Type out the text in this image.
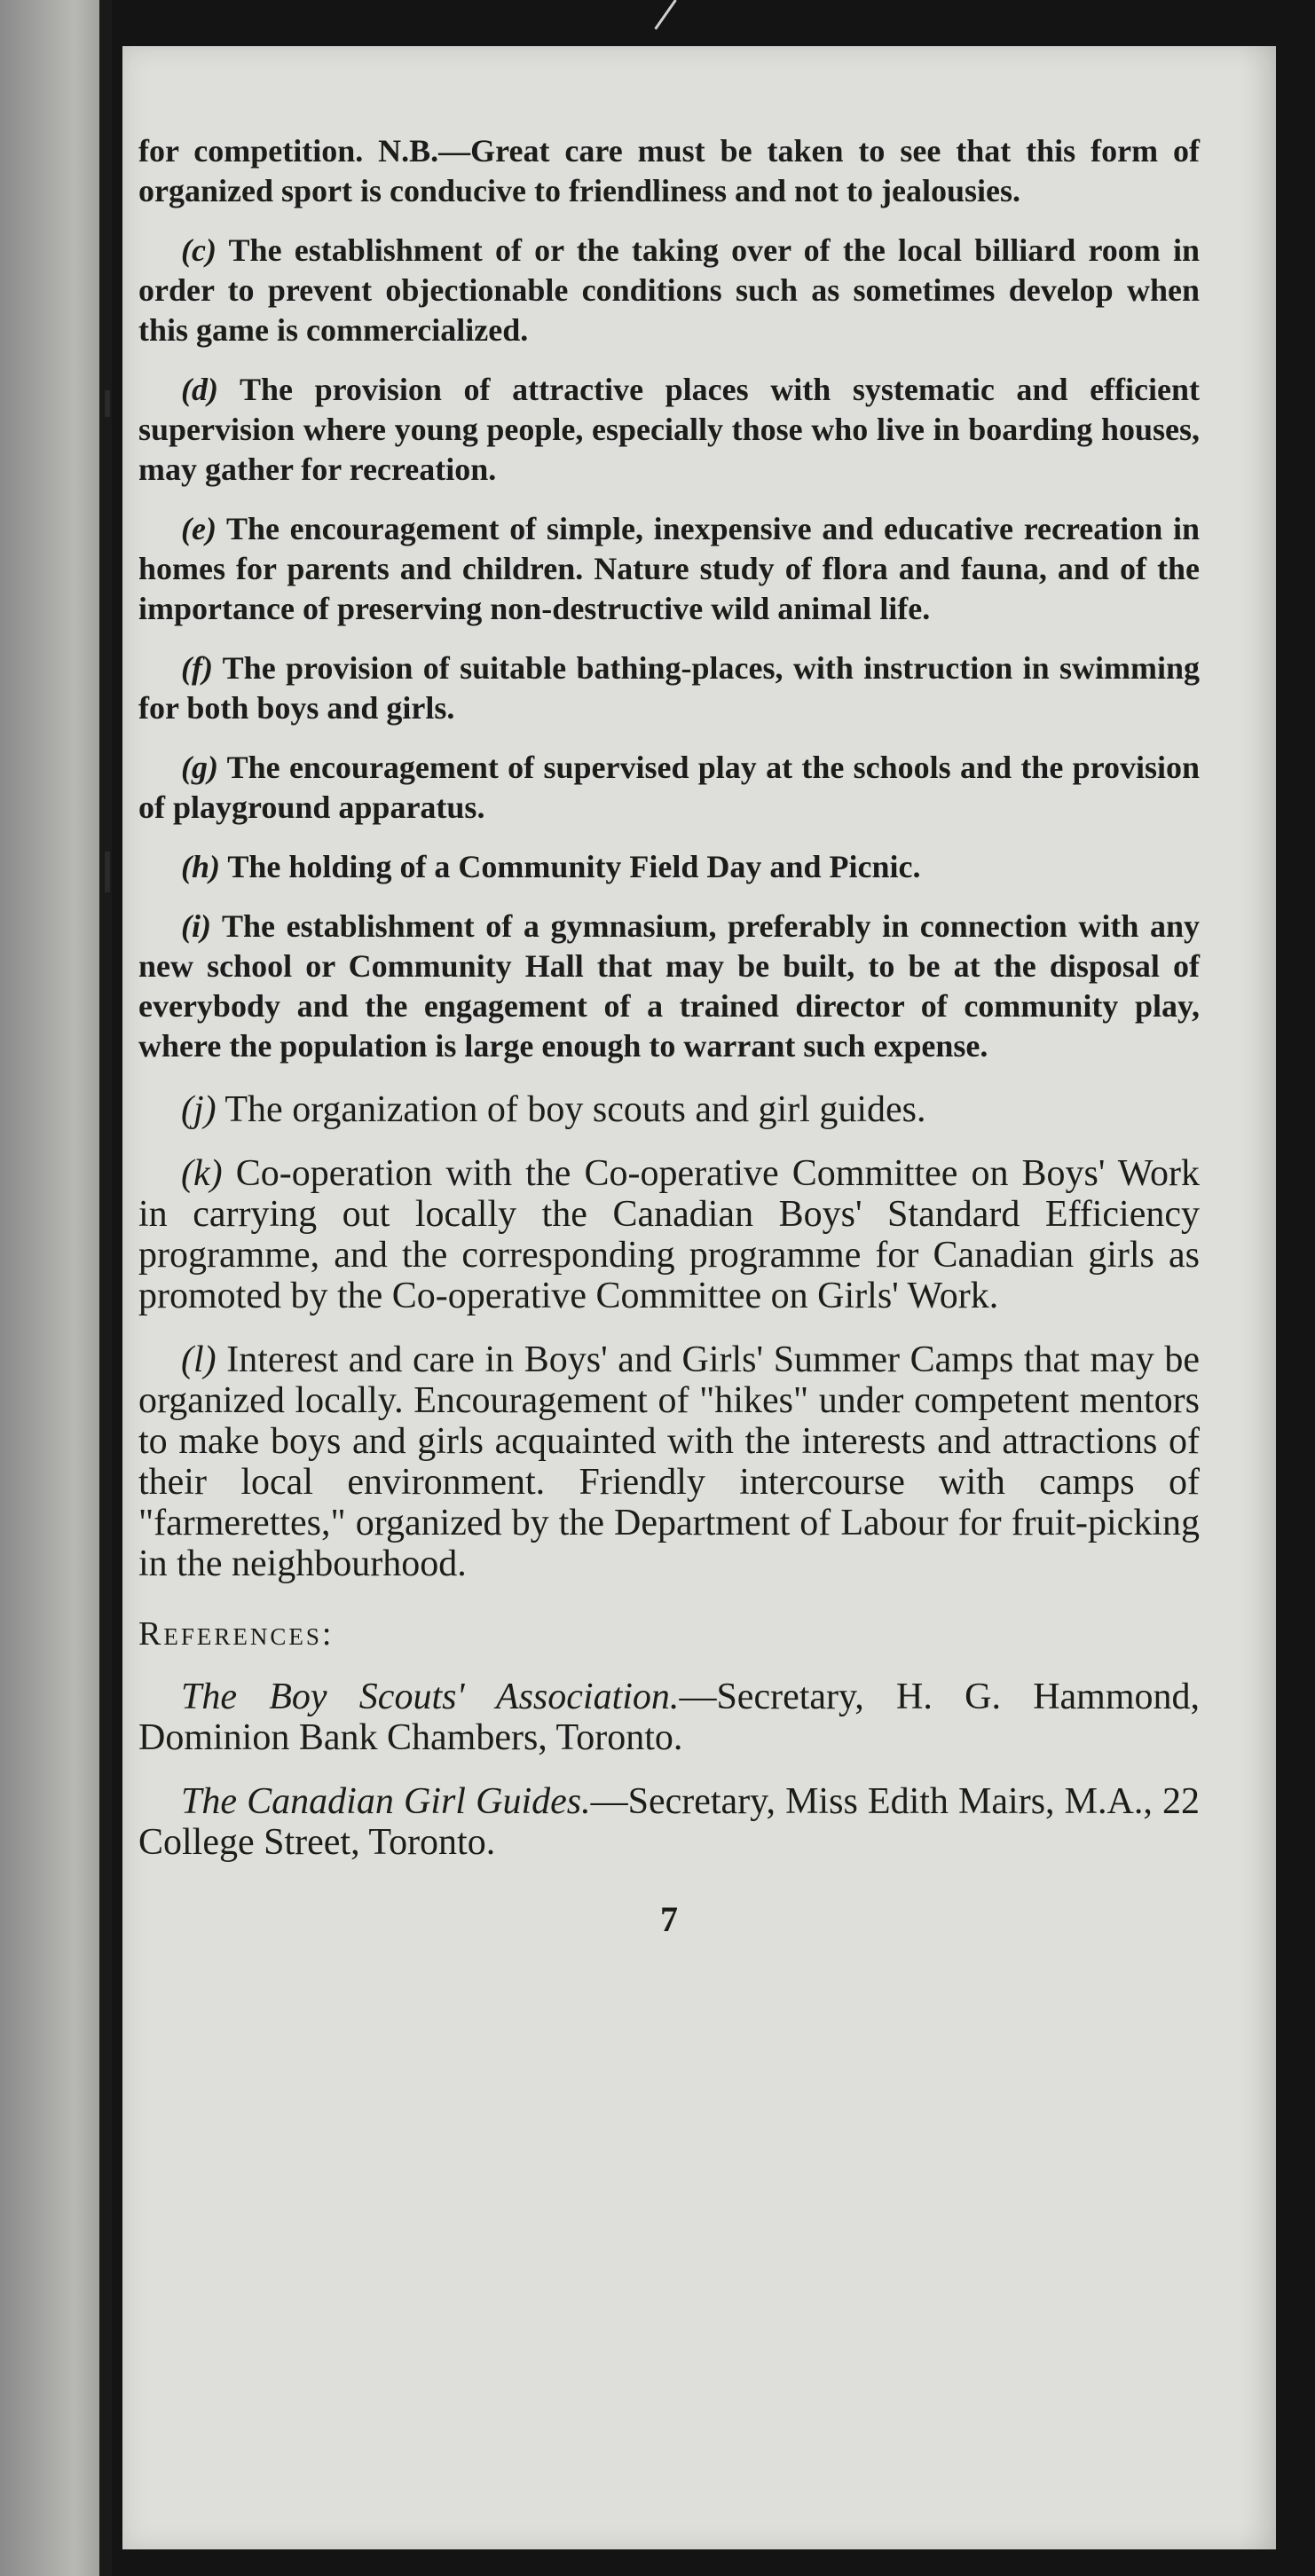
for competition. N.B.—Great care must be taken to see that this form of organized sport is conducive to friendliness and not to jealousies.

(c) The establishment of or the taking over of the local billiard room in order to prevent objectionable conditions such as sometimes develop when this game is commercialized.

(d) The provision of attractive places with systematic and efficient supervision where young people, especially those who live in boarding houses, may gather for recreation.

(e) The encouragement of simple, inexpensive and educative recreation in homes for parents and children. Nature study of flora and fauna, and of the importance of preserving non-destructive wild animal life.

(f) The provision of suitable bathing-places, with instruction in swimming for both boys and girls.

(g) The encouragement of supervised play at the schools and the provision of playground apparatus.

(h) The holding of a Community Field Day and Picnic.

(i) The establishment of a gymnasium, preferably in connection with any new school or Community Hall that may be built, to be at the disposal of everybody and the engagement of a trained director of community play, where the population is large enough to warrant such expense.

(j) The organization of boy scouts and girl guides.

(k) Co-operation with the Co-operative Committee on Boys' Work in carrying out locally the Canadian Boys' Standard Efficiency programme, and the corresponding programme for Canadian girls as promoted by the Co-operative Committee on Girls' Work.

(l) Interest and care in Boys' and Girls' Summer Camps that may be organized locally. Encouragement of "hikes" under competent mentors to make boys and girls acquainted with the interests and attractions of their local environment. Friendly intercourse with camps of "farmerettes," organized by the Department of Labour for fruit-picking in the neighbourhood.

References:

The Boy Scouts' Association.—Secretary, H. G. Hammond, Dominion Bank Chambers, Toronto.

The Canadian Girl Guides.—Secretary, Miss Edith Mairs, M.A., 22 College Street, Toronto.

7
